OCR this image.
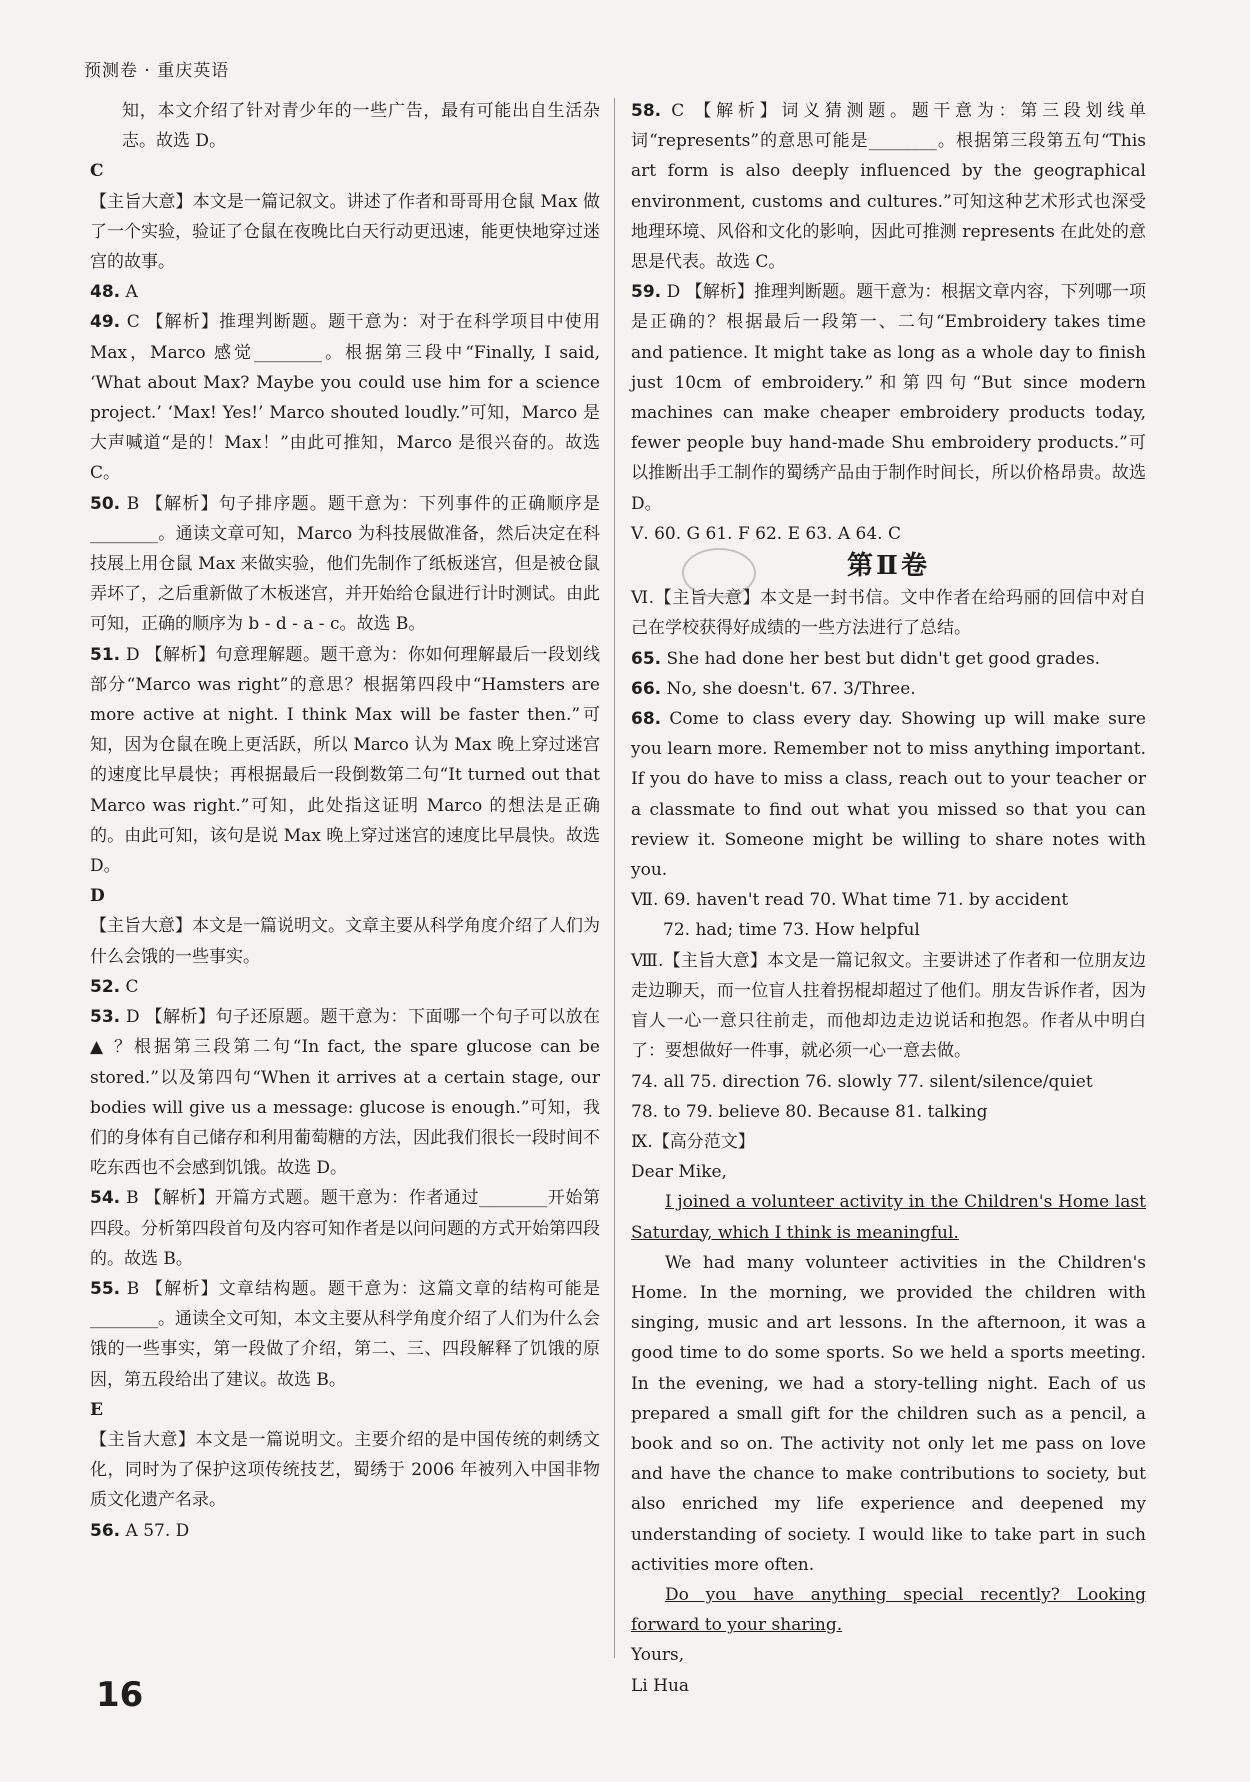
预测卷 · 重庆英语

知，本文介绍了针对青少年的一些广告，最有可能出自生活杂志。故选 D。

C

【主旨大意】本文是一篇记叙文。讲述了作者和哥哥用仓鼠 Max 做了一个实验，验证了仓鼠在夜晚比白天行动更迅速，能更快地穿过迷宫的故事。

48. A

49. C 【解析】推理判断题。题干意为：对于在科学项目中使用 Max，Marco 感觉________。根据第三段中“Finally, I said, ‘What about Max? Maybe you could use him for a science project.’ ‘Max! Yes!’ Marco shouted loudly.”可知，Marco 是大声喊道“是的！Max！”由此可推知，Marco 是很兴奋的。故选 C。

50. B 【解析】句子排序题。题干意为：下列事件的正确顺序是________。通读文章可知，Marco 为科技展做准备，然后决定在科技展上用仓鼠 Max 来做实验，他们先制作了纸板迷宫，但是被仓鼠弄坏了，之后重新做了木板迷宫，并开始给仓鼠进行计时测试。由此可知，正确的顺序为 b - d - a - c。故选 B。

51. D 【解析】句意理解题。题干意为：你如何理解最后一段划线部分“Marco was right”的意思？根据第四段中“Hamsters are more active at night. I think Max will be faster then.”可知，因为仓鼠在晚上更活跃，所以 Marco 认为 Max 晚上穿过迷宫的速度比早晨快；再根据最后一段倒数第二句“It turned out that Marco was right.”可知，此处指这证明 Marco 的想法是正确的。由此可知，该句是说 Max 晚上穿过迷宫的速度比早晨快。故选 D。

D

【主旨大意】本文是一篇说明文。文章主要从科学角度介绍了人们为什么会饿的一些事实。

52. C

53. D 【解析】句子还原题。题干意为：下面哪一个句子可以放在 ▲ ？根据第三段第二句“In fact, the spare glucose can be stored.”以及第四句“When it arrives at a certain stage, our bodies will give us a message: glucose is enough.”可知，我们的身体有自己储存和利用葡萄糖的方法，因此我们很长一段时间不吃东西也不会感到饥饿。故选 D。

54. B 【解析】开篇方式题。题干意为：作者通过________开始第四段。分析第四段首句及内容可知作者是以问问题的方式开始第四段的。故选 B。

55. B 【解析】文章结构题。题干意为：这篇文章的结构可能是________。通读全文可知，本文主要从科学角度介绍了人们为什么会饿的一些事实，第一段做了介绍，第二、三、四段解释了饥饿的原因，第五段给出了建议。故选 B。

E

【主旨大意】本文是一篇说明文。主要介绍的是中国传统的刺绣文化，同时为了保护这项传统技艺，蜀绣于 2006 年被列入中国非物质文化遗产名录。

56. A 57. D

58. C 【解析】词义猜测题。题干意为：第三段划线单词“represents”的意思可能是________。根据第三段第五句“This art form is also deeply influenced by the geographical environment, customs and cultures.”可知这种艺术形式也深受地理环境、风俗和文化的影响，因此可推测 represents 在此处的意思是代表。故选 C。

59. D 【解析】推理判断题。题干意为：根据文章内容，下列哪一项是正确的？根据最后一段第一、二句“Embroidery takes time and patience. It might take as long as a whole day to finish just 10cm of embroidery.”和第四句“But since modern machines can make cheaper embroidery products today, fewer people buy hand-made Shu embroidery products.”可以推断出手工制作的蜀绣产品由于制作时间长，所以价格昂贵。故选 D。

Ⅴ. 60. G 61. F 62. E 63. A 64. C

第Ⅱ卷

Ⅵ.【主旨大意】本文是一封书信。文中作者在给玛丽的回信中对自己在学校获得好成绩的一些方法进行了总结。

65. She had done her best but didn't get good grades.

66. No, she doesn't. 67. 3/Three.

68. Come to class every day. Showing up will make sure you learn more. Remember not to miss anything important. If you do have to miss a class, reach out to your teacher or a classmate to find out what you missed so that you can review it. Someone might be willing to share notes with you.

Ⅶ. 69. haven't read 70. What time 71. by accident

72. had; time 73. How helpful

Ⅷ.【主旨大意】本文是一篇记叙文。主要讲述了作者和一位朋友边走边聊天，而一位盲人拄着拐棍却超过了他们。朋友告诉作者，因为盲人一心一意只往前走，而他却边走边说话和抱怨。作者从中明白了：要想做好一件事，就必须一心一意去做。

74. all 75. direction 76. slowly 77. silent/silence/quiet

78. to 79. believe 80. Because 81. talking

Ⅸ.【高分范文】

Dear Mike,

I joined a volunteer activity in the Children's Home last Saturday, which I think is meaningful.

We had many volunteer activities in the Children's Home. In the morning, we provided the children with singing, music and art lessons. In the afternoon, it was a good time to do some sports. So we held a sports meeting. In the evening, we had a story-telling night. Each of us prepared a small gift for the children such as a pencil, a book and so on. The activity not only let me pass on love and have the chance to make contributions to society, but also enriched my life experience and deepened my understanding of society. I would like to take part in such activities more often.

Do you have anything special recently? Looking forward to your sharing.

Yours,

Li Hua

16
